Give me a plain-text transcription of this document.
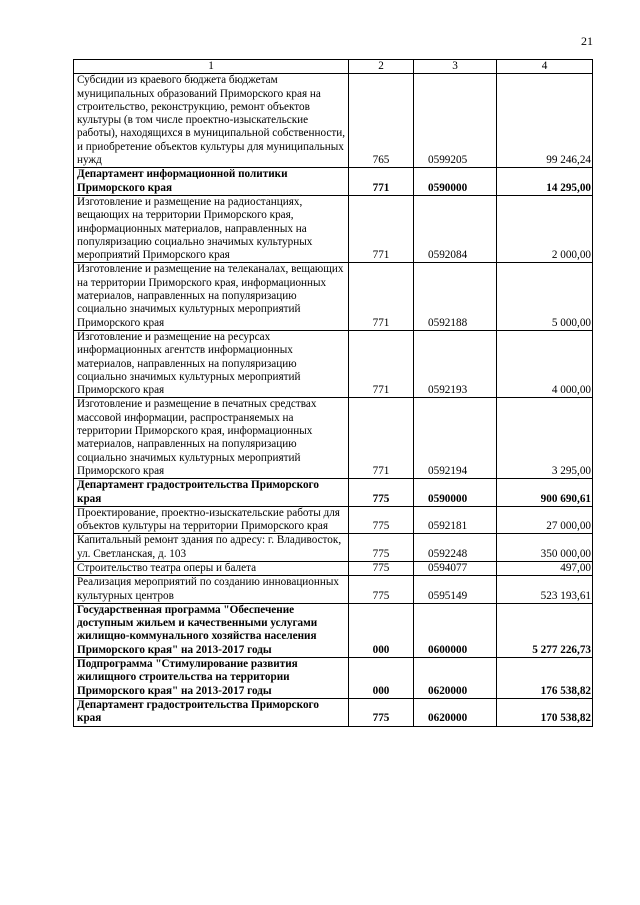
21
1	2	3	4
Субсидии из краевого бюджета бюджетам муниципальных образований Приморского края на строительство, реконструкцию, ремонт объектов культуры (в том числе проектно-изыскательские работы), находящихся в муниципальной собственности, и приобретение объектов культуры для муниципальных нужд	765	0599205	99 246,24
Департамент информационной политики Приморского края	771	0590000	14 295,00
Изготовление и размещение на радиостанциях, вещающих на территории Приморского края, информационных материалов, направленных на популяризацию социально значимых культурных мероприятий Приморского края	771	0592084	2 000,00
Изготовление и размещение на телеканалах, вещающих на территории Приморского края, информационных материалов, направленных на популяризацию социально значимых культурных мероприятий Приморского края	771	0592188	5 000,00
Изготовление и размещение на ресурсах информационных агентств информационных материалов, направленных на популяризацию социально значимых культурных мероприятий Приморского края	771	0592193	4 000,00
Изготовление и размещение в печатных средствах массовой информации, распространяемых на территории Приморского края, информационных материалов, направленных на популяризацию социально значимых культурных мероприятий Приморского края	771	0592194	3 295,00
Департамент градостроительства Приморского края	775	0590000	900 690,61
Проектирование, проектно-изыскательские работы для объектов культуры на территории Приморского края	775	0592181	27 000,00
Капитальный ремонт здания по адресу: г. Владивосток, ул. Светланская, д. 103	775	0592248	350 000,00
Строительство театра оперы и балета	775	0594077	497,00
Реализация мероприятий по созданию инновационных культурных центров	775	0595149	523 193,61
Государственная программа "Обеспечение доступным жильем и качественными услугами жилищно-коммунального хозяйства населения Приморского края" на 2013-2017 годы	000	0600000	5 277 226,73
Подпрограмма "Стимулирование развития жилищного строительства на территории Приморского края" на 2013-2017 годы	000	0620000	176 538,82
Департамент градостроительства Приморского края	775	0620000	170 538,82
